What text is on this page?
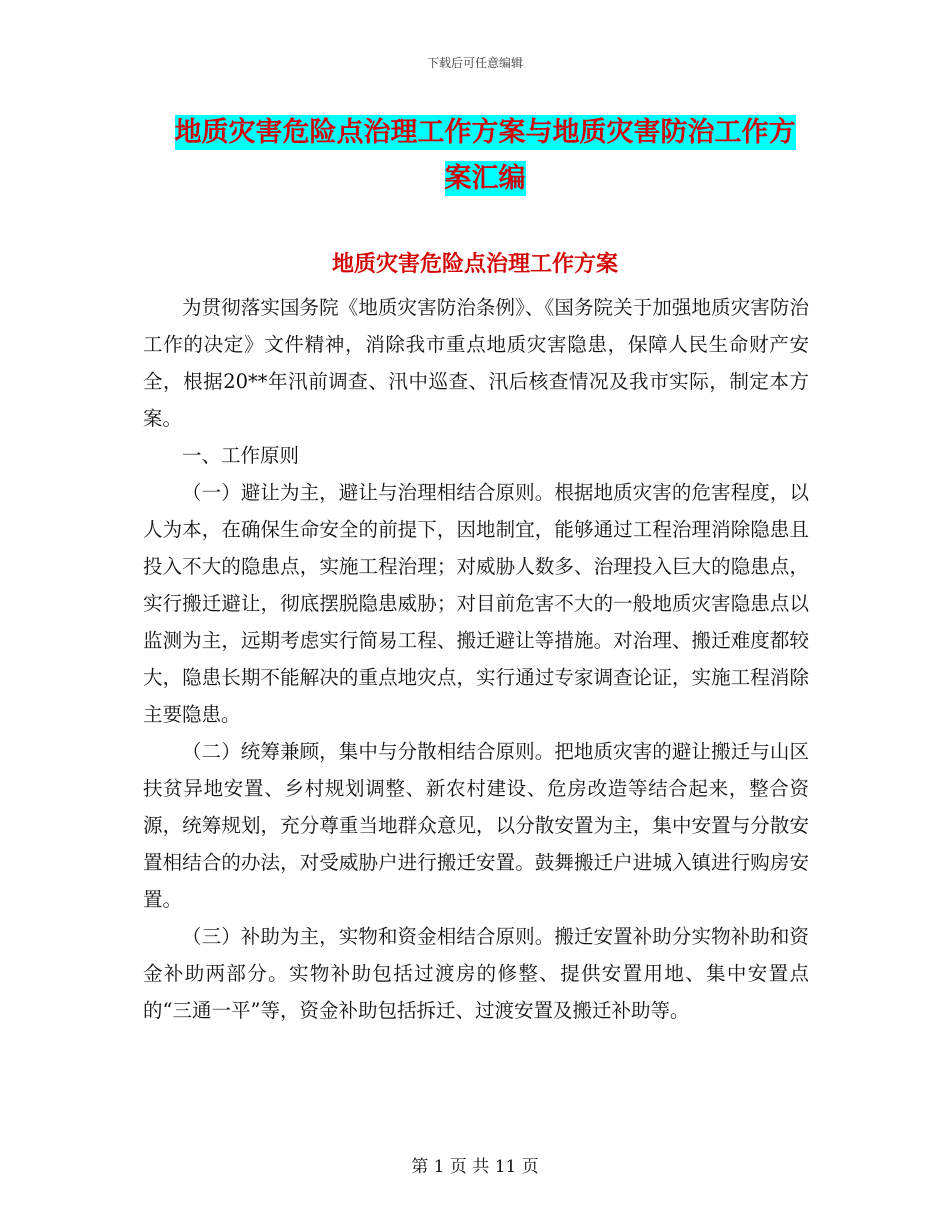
下载后可任意编辑
地质灾害危险点治理工作方案与地质灾害防治工作方
案汇编
地质灾害危险点治理工作方案

为贯彻落实国务院《地质灾害防治条例》、《国务院关于加强地质灾害防治工作的决定》文件精神，消除我市重点地质灾害隐患，保障人民生命财产安全，根据20**年汛前调查、汛中巡查、汛后核查情况及我市实际，制定本方案。

一、工作原则

（一）避让为主，避让与治理相结合原则。根据地质灾害的危害程度，以人为本，在确保生命安全的前提下，因地制宜，能够通过工程治理消除隐患且投入不大的隐患点，实施工程治理；对威胁人数多、治理投入巨大的隐患点，实行搬迁避让，彻底摆脱隐患威胁；对目前危害不大的一般地质灾害隐患点以监测为主，远期考虑实行简易工程、搬迁避让等措施。对治理、搬迁难度都较大，隐患长期不能解决的重点地灾点，实行通过专家调查论证，实施工程消除主要隐患。

（二）统筹兼顾，集中与分散相结合原则。把地质灾害的避让搬迁与山区扶贫异地安置、乡村规划调整、新农村建设、危房改造等结合起来，整合资源，统筹规划，充分尊重当地群众意见，以分散安置为主，集中安置与分散安置相结合的办法，对受威胁户进行搬迁安置。鼓舞搬迁户进城入镇进行购房安置。

（三）补助为主，实物和资金相结合原则。搬迁安置补助分实物补助和资金补助两部分。实物补助包括过渡房的修整、提供安置用地、集中安置点的“三通一平”等，资金补助包括拆迁、过渡安置及搬迁补助等。

第 1 页 共 11 页
